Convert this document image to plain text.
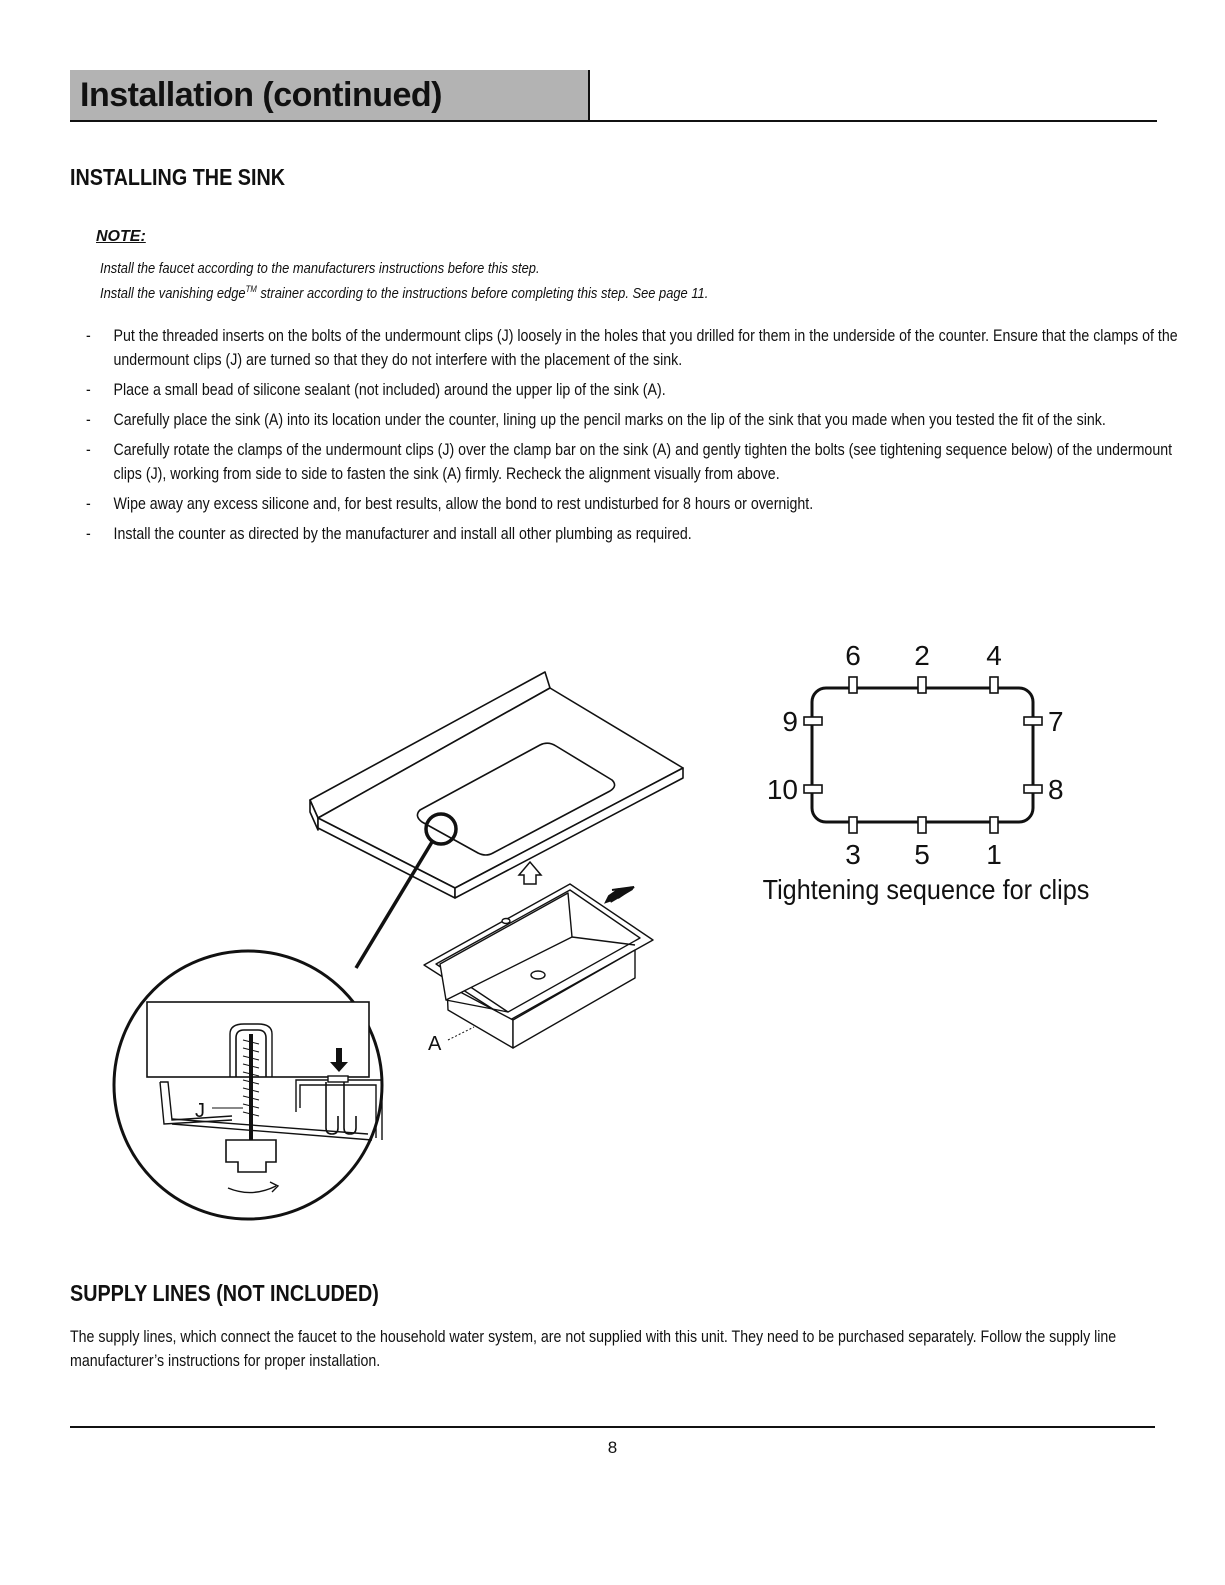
Installation (continued)
INSTALLING THE SINK
NOTE:
Install the faucet according to the manufacturers instructions before this step.
Install the vanishing edge™ strainer according to the instructions before completing this step. See page 11.
- Put the threaded inserts on the bolts of the undermount clips (J) loosely in the holes that you drilled for them in the underside of the counter. Ensure that the clamps of the undermount clips (J) are turned so that they do not interfere with the placement of the sink.
- Place a small bead of silicone sealant (not included) around the upper lip of the sink (A).
- Carefully place the sink (A) into its location under the counter, lining up the pencil marks on the lip of the sink that you made when you tested the fit of the sink.
- Carefully rotate the clamps of the undermount clips (J) over the clamp bar on the sink (A) and gently tighten the bolts (see tightening sequence below) of the undermount clips (J), working from side to side to fasten the sink (A) firmly. Recheck the alignment visually from above.
- Wipe away any excess silicone and, for best results, allow the bond to rest undisturbed for 8 hours or overnight.
- Install the counter as directed by the manufacturer and install all other plumbing as required.
A
J
6 2 4
3 5 1
9
10
7
8
Tightening sequence for clips
SUPPLY LINES (NOT INCLUDED)
The supply lines, which connect the faucet to the household water system, are not supplied with this unit. They need to be purchased separately. Follow the supply line manufacturer’s instructions for proper installation.
8
